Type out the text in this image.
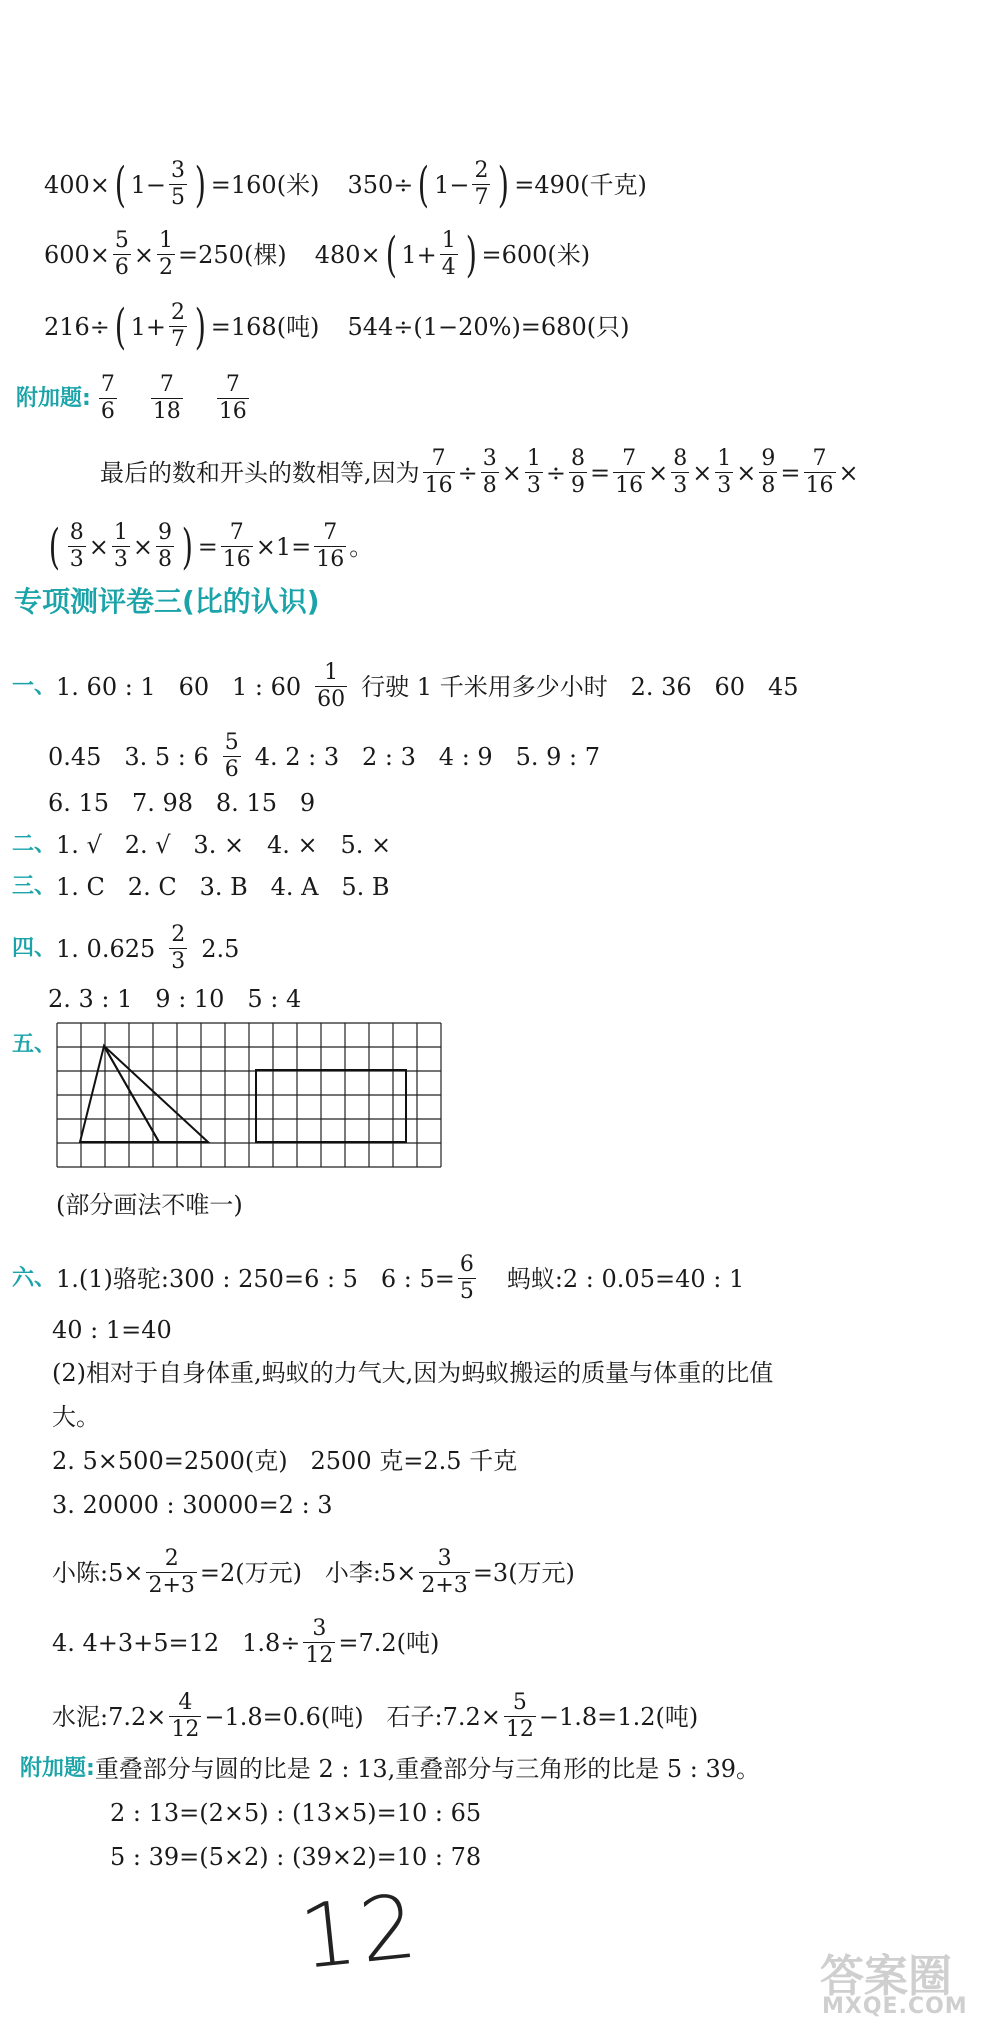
400× ( $1- \frac{3}{5}$ ) =160(米) 350÷ ( $1- \frac{2}{7}$ ) =490(千克)
$600\times \frac{5}{6} \times \frac{1}{2} =250$(棵) 480× ( $1+ \frac{1}{4}$ ) =600(米)
216÷ ( $1+ \frac{2}{7}$ ) =168(吨) 544÷(1−20%)=680(只)
附加题: $\frac{7}{6} \frac{7}{18} \frac{7}{16}$
最后的数和开头的数相等,因为 $\frac{7}{16} \div \frac{3}{8} \times \frac{1}{3} \div \frac{8}{9} = \frac{7}{16} \times \frac{8}{3} \times \frac{1}{3} \times \frac{9}{8} = \frac{7}{16}$ ×
( $\frac{8}{3} \times \frac{1}{3} \times \frac{9}{8}$ ) = $\frac{7}{16} \times 1= \frac{7}{16}$ 。
专项测评卷三(比的认识)
一、 1. 60 : 1   60   1 : $60 \frac{1}{60}$ 行驶 1 千米用多少小时   2. 36   60   45
0.45   3. 5 : $6 \frac{5}{6} 4$. 2 : 3   2 : 3   4 : 9   5. 9 : 7
6. 15   7. 98   8. 15   9
二、 1. √   2. √   3. ×   4. ×   5. ×
三、 1. C   2. C   3. B   4. A   5. B
四、 1. $0.625 \frac{2}{3} 2.5$
2. 3 : 1   9 : 10   5 : 4
五、
(部分画法不唯一)
六、 1.(1)骆驼:300 : 250=6 : 5   6 : $5= \frac{6}{5}$ 蚂蚁:2 : 0.05=40 : 1
40 : 1=40
(2)相对于自身体重,蚂蚁的力气大,因为蚂蚁搬运的质量与体重的比值
大。
2. 5×500=2500(克)   2500 克=2.5 千克
3. 20000 : 30000=2 : 3
小陈:5× $\frac{2}{2+3} =2$(万元)   小李:5× $\frac{3}{2+3} =3$(万元)
4. 4+3+5=12   $1.8\div \frac{3}{12} =7.2$(吨)
水泥:7.2× $\frac{4}{12} -1.8=0.6$(吨)   石子:7.2× $\frac{5}{12} -1.8=1.2$(吨)
附加题: 重叠部分与圆的比是 2 : 13,重叠部分与三角形的比是 5 : 39。
2 : 13=(2×5) : (13×5)=10 : 65
5 : 39=(5×2) : (39×2)=10 : 78
12	答案圈
MXQE.COM
